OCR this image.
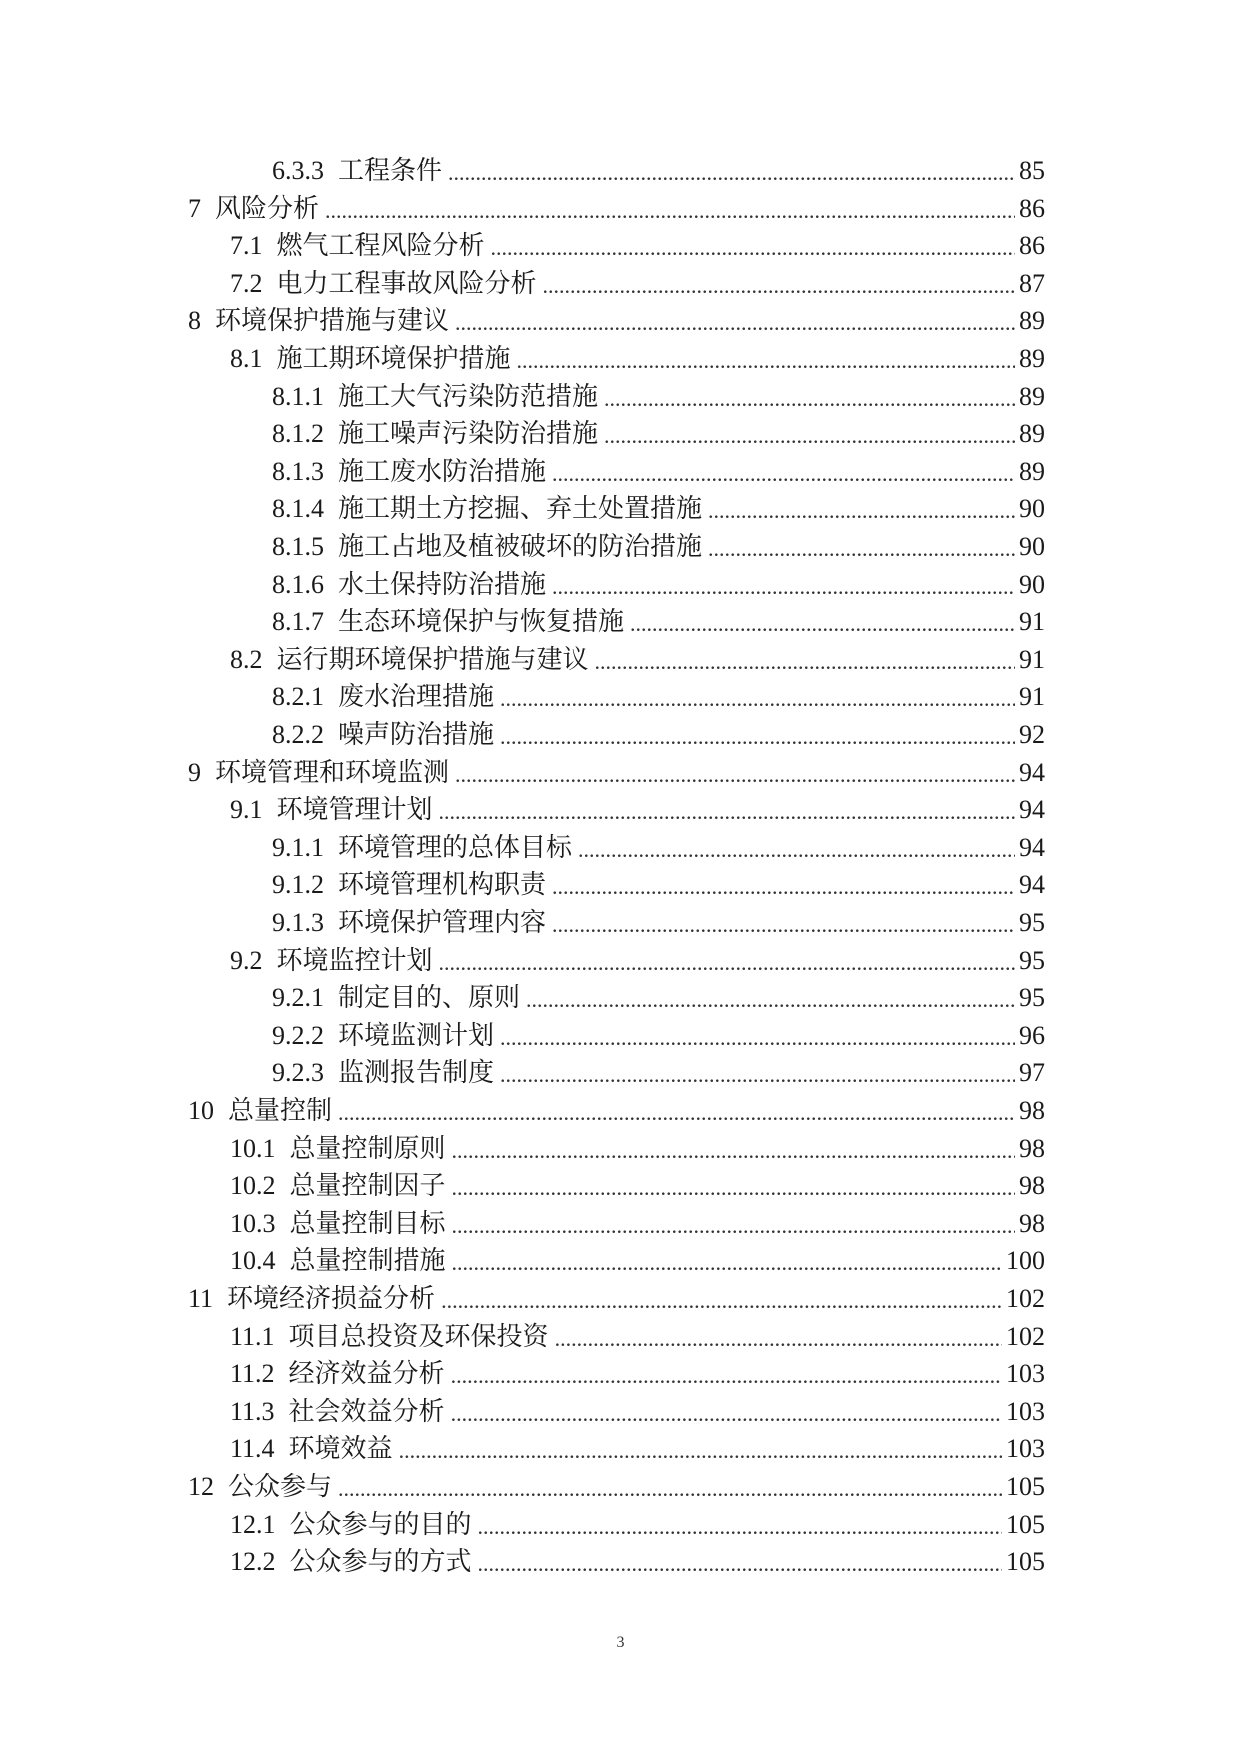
6.3.3 工程条件 .....	85
7 风险分析 .....	86
7.1 燃气工程风险分析 .....	86
7.2 电力工程事故风险分析 .....	87
8 环境保护措施与建议 .....	89
8.1 施工期环境保护措施 .....	89
8.1.1 施工大气污染防范措施 .....	89
8.1.2 施工噪声污染防治措施 .....	89
8.1.3 施工废水防治措施 .....	89
8.1.4 施工期土方挖掘、弃土处置措施 .....	90
8.1.5 施工占地及植被破坏的防治措施 .....	90
8.1.6 水土保持防治措施 .....	90
8.1.7 生态环境保护与恢复措施 .....	91
8.2 运行期环境保护措施与建议 .....	91
8.2.1 废水治理措施 .....	91
8.2.2 噪声防治措施 .....	92
9 环境管理和环境监测 .....	94
9.1 环境管理计划 .....	94
9.1.1 环境管理的总体目标 .....	94
9.1.2 环境管理机构职责 .....	94
9.1.3 环境保护管理内容 .....	95
9.2 环境监控计划 .....	95
9.2.1 制定目的、原则 .....	95
9.2.2 环境监测计划 .....	96
9.2.3 监测报告制度 .....	97
10 总量控制 .....	98
10.1 总量控制原则 .....	98
10.2 总量控制因子 .....	98
10.3 总量控制目标 .....	98
10.4 总量控制措施 .....	100
11 环境经济损益分析 .....	102
11.1 项目总投资及环保投资 .....	102
11.2 经济效益分析 .....	103
11.3 社会效益分析 .....	103
11.4 环境效益 .....	103
12 公众参与 .....	105
12.1 公众参与的目的 .....	105
12.2 公众参与的方式 .....	105
3
